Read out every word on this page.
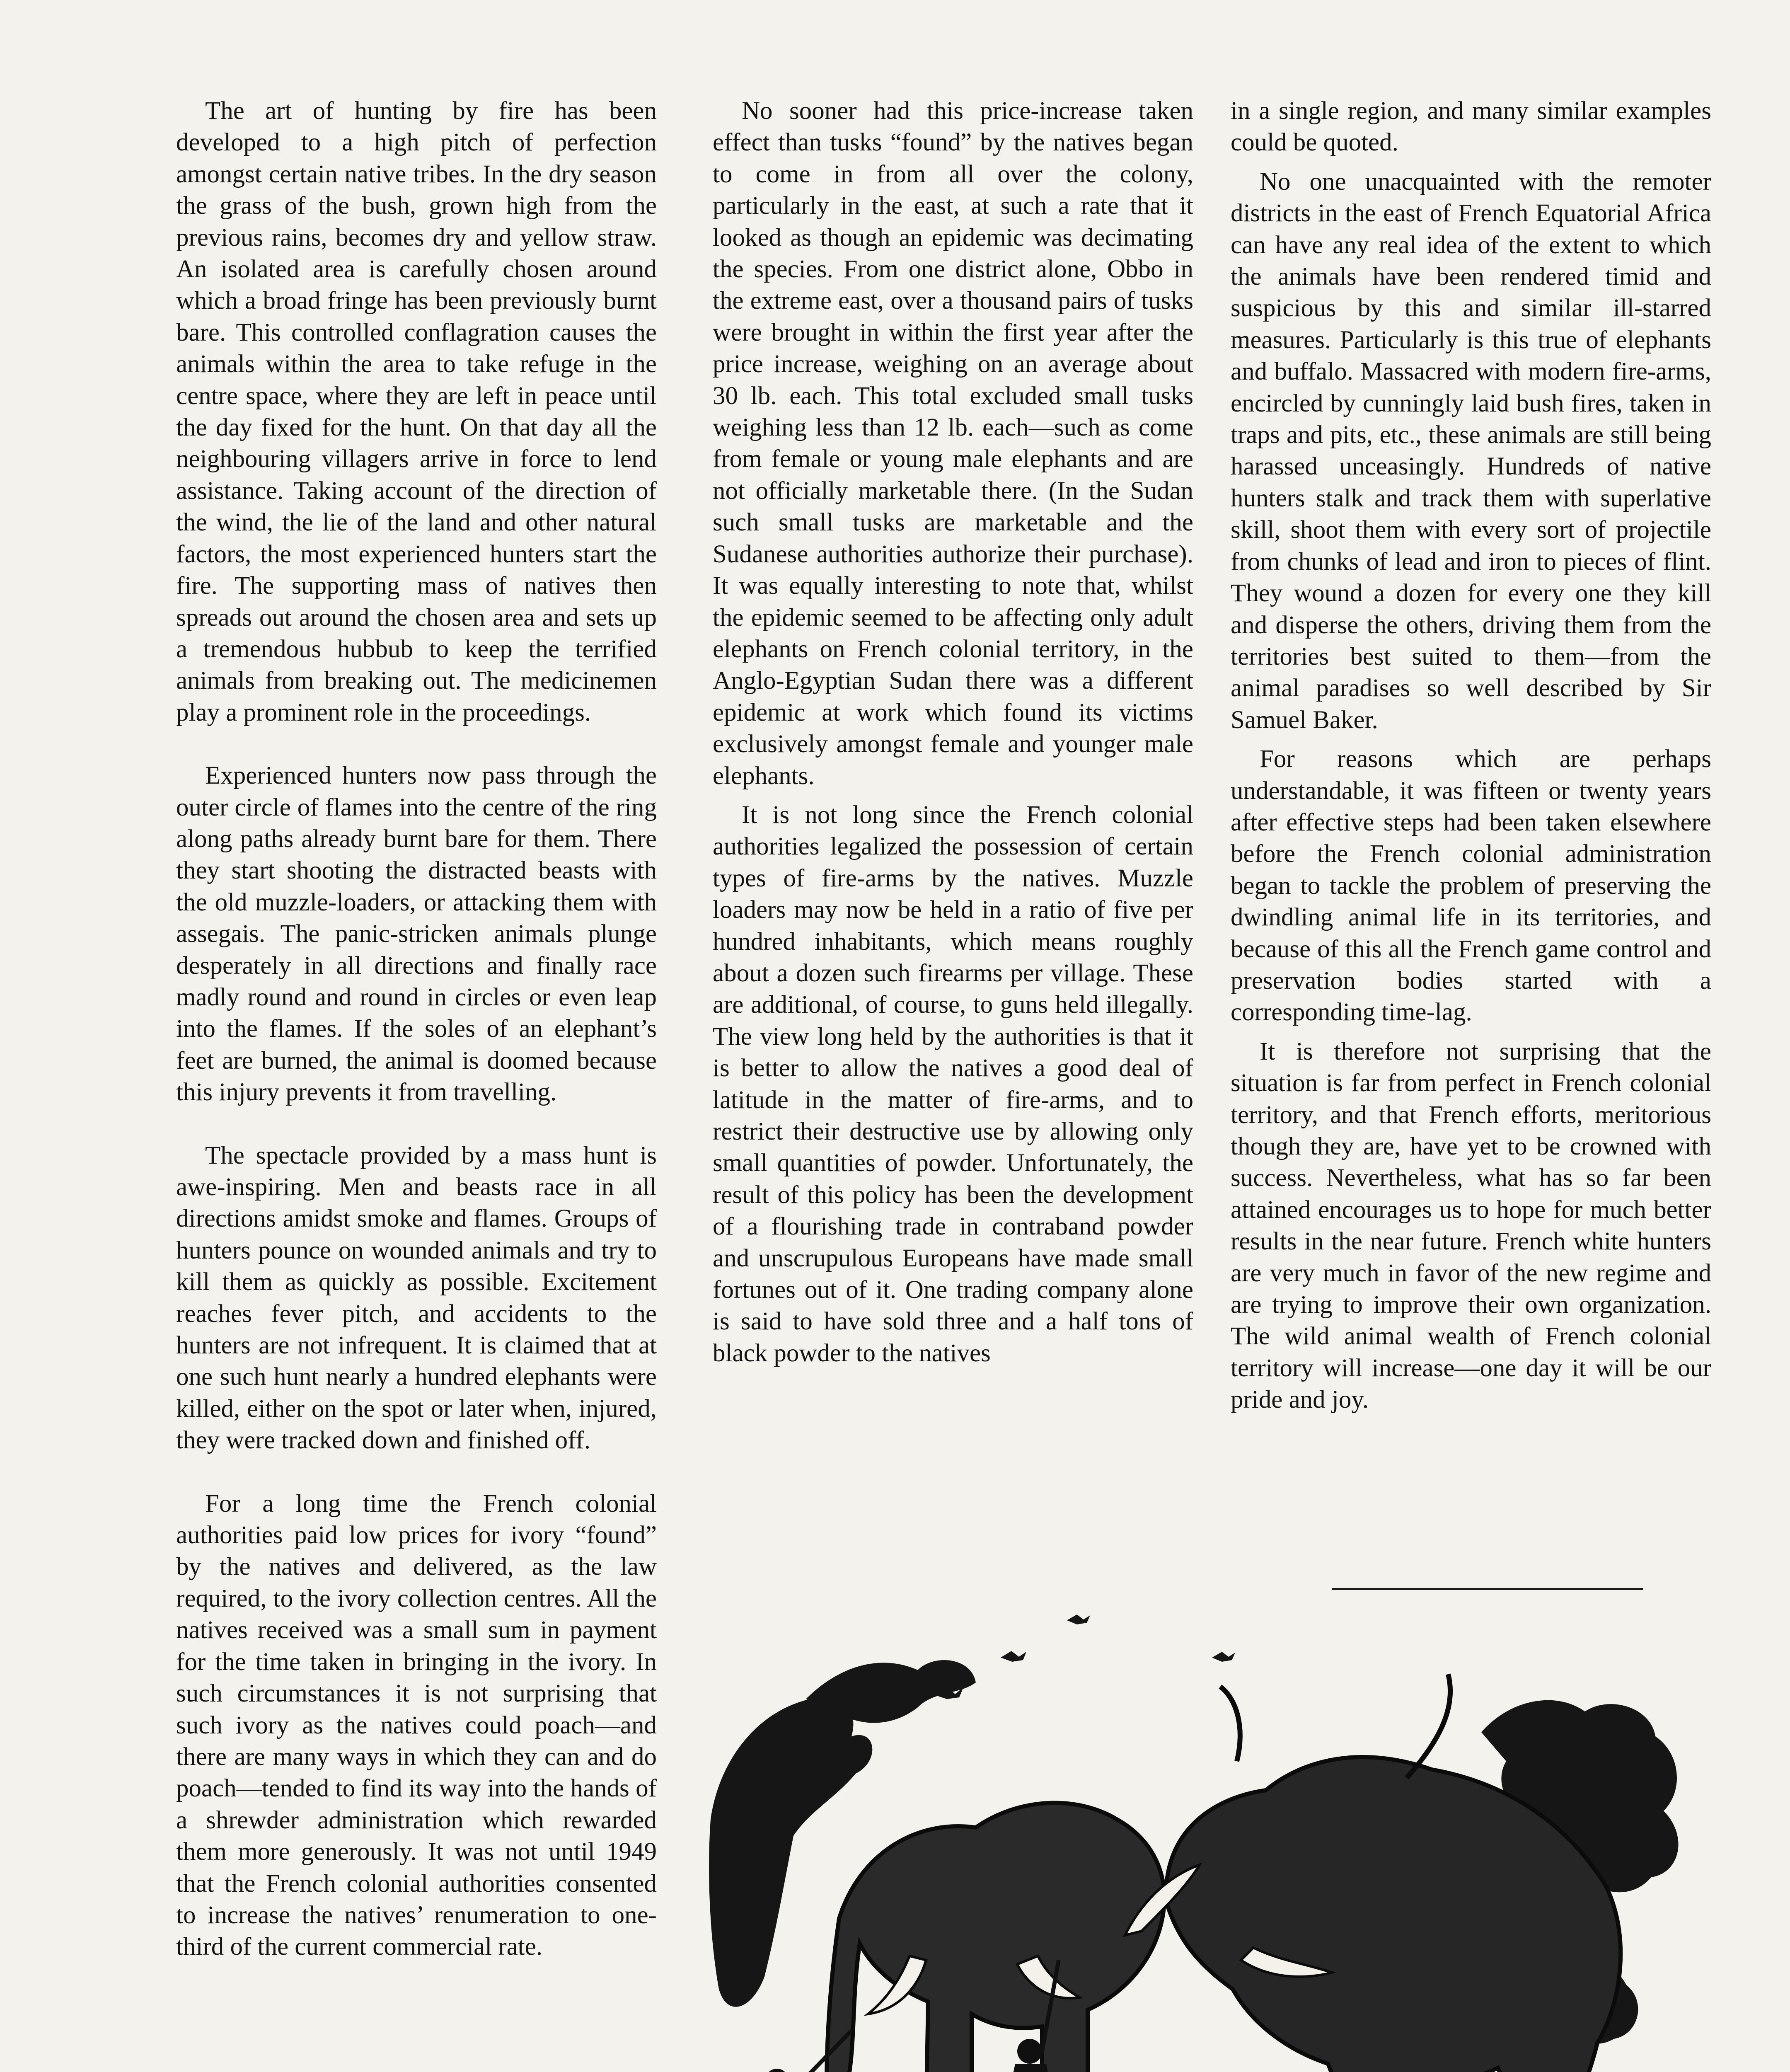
The art of hunting by fire has been developed to a high pitch of perfection amongst certain native tribes. In the dry season the grass of the bush, grown high from the previous rains, becomes dry and yellow straw. An isolated area is carefully chosen around which a broad fringe has been previously burnt bare. This controlled conflagration causes the animals within the area to take refuge in the centre space, where they are left in peace until the day fixed for the hunt. On that day all the neighbouring villagers arrive in force to lend assistance. Taking account of the direction of the wind, the lie of the land and other natural factors, the most experienced hunters start the fire. The supporting mass of natives then spreads out around the chosen area and sets up a tremendous hubbub to keep the terrified animals from breaking out. The medicinemen play a prominent role in the proceedings.

Experienced hunters now pass through the outer circle of flames into the centre of the ring along paths already burnt bare for them. There they start shooting the distracted beasts with the old muzzle-loaders, or attacking them with assegais. The panic-stricken animals plunge desperately in all directions and finally race madly round and round in circles or even leap into the flames. If the soles of an elephant’s feet are burned, the animal is doomed because this injury prevents it from travelling.

The spectacle provided by a mass hunt is awe-inspiring. Men and beasts race in all directions amidst smoke and flames. Groups of hunters pounce on wounded animals and try to kill them as quickly as possible. Excitement reaches fever pitch, and accidents to the hunters are not infrequent. It is claimed that at one such hunt nearly a hundred elephants were killed, either on the spot or later when, injured, they were tracked down and finished off.

For a long time the French colonial authorities paid low prices for ivory “found” by the natives and delivered, as the law required, to the ivory collection centres. All the natives received was a small sum in payment for the time taken in bringing in the ivory. In such circumstances it is not surprising that such ivory as the natives could poach—and there are many ways in which they can and do poach—tended to find its way into the hands of a shrewder administration which rewarded them more generously. It was not until 1949 that the French colonial authorities consented to increase the natives’ renumeration to one-third of the current commercial rate.

No sooner had this price-increase taken effect than tusks “found” by the natives began to come in from all over the colony, particularly in the east, at such a rate that it looked as though an epidemic was decimating the species. From one district alone, Obbo in the extreme east, over a thousand pairs of tusks were brought in within the first year after the price increase, weighing on an average about 30 lb. each. This total excluded small tusks weighing less than 12 lb. each—such as come from female or young male elephants and are not officially marketable there. (In the Sudan such small tusks are marketable and the Sudanese authorities authorize their purchase). It was equally interesting to note that, whilst the epidemic seemed to be affecting only adult elephants on French colonial territory, in the Anglo-Egyptian Sudan there was a different epidemic at work which found its victims exclusively amongst female and younger male elephants.

It is not long since the French colonial authorities legalized the possession of certain types of fire-arms by the natives. Muzzle loaders may now be held in a ratio of five per hundred inhabitants, which means roughly about a dozen such firearms per village. These are additional, of course, to guns held illegally. The view long held by the authorities is that it is better to allow the natives a good deal of latitude in the matter of fire-arms, and to restrict their destructive use by allowing only small quantities of powder. Unfortunately, the result of this policy has been the development of a flourishing trade in contraband powder and unscrupulous Europeans have made small fortunes out of it. One trading company alone is said to have sold three and a half tons of black powder to the natives

in a single region, and many similar examples could be quoted.

No one unacquainted with the remoter districts in the east of French Equatorial Africa can have any real idea of the extent to which the animals have been rendered timid and suspicious by this and similar ill-starred measures. Particularly is this true of elephants and buffalo. Massacred with modern fire-arms, encircled by cunningly laid bush fires, taken in traps and pits, etc., these animals are still being harassed unceasingly. Hundreds of native hunters stalk and track them with superlative skill, shoot them with every sort of projectile from chunks of lead and iron to pieces of flint. They wound a dozen for every one they kill and disperse the others, driving them from the territories best suited to them—from the animal paradises so well described by Sir Samuel Baker.

For reasons which are perhaps understandable, it was fifteen or twenty years after effective steps had been taken elsewhere before the French colonial administration began to tackle the problem of preserving the dwindling animal life in its territories, and because of this all the French game control and preservation bodies started with a corresponding time-lag.

It is therefore not surprising that the situation is far from perfect in French colonial territory, and that French efforts, meritorious though they are, have yet to be crowned with success. Nevertheless, what has so far been attained encourages us to hope for much better results in the near future. French white hunters are very much in favor of the new regime and are trying to improve their own organization. The wild animal wealth of French colonial territory will increase—one day it will be our pride and joy.
